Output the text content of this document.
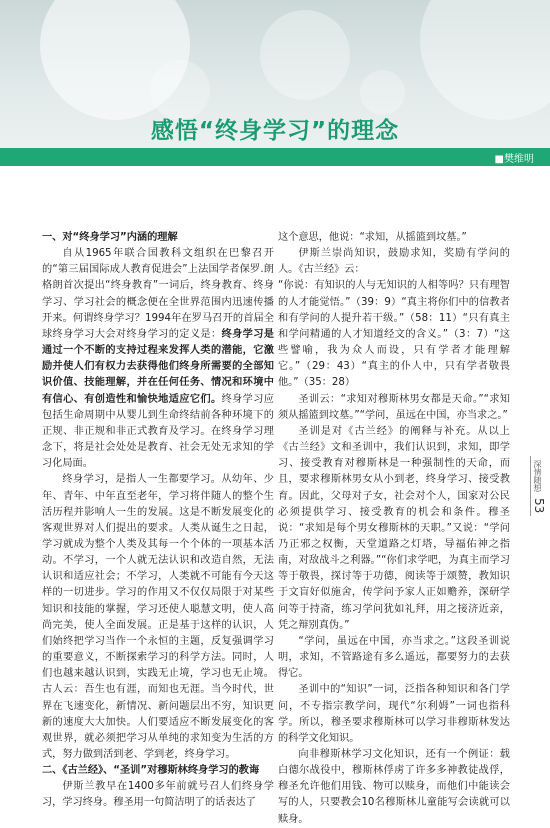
感悟“终身学习”的理念
■樊维明

一、对“终身学习”内涵的理解

自从1965年联合国教科文组织在巴黎召开的“第三届国际成人教育促进会”上法国学者保罗.朗格朗首次提出“终身教育”一词后，终身教育、终身学习、学习社会的概念便在全世界范围内迅速传播开来。何谓终身学习？1994年在罗马召开的首届全球终身学习大会对终身学习的定义是：终身学习是通过一个不断的支持过程来发挥人类的潜能，它激励并使人们有权力去获得他们终身所需要的全部知识价值、技能理解，并在任何任务、情况和环境中有信心、有创造性和愉快地适应它们。终身学习应包括生命周期中从婴儿到生命终结前各种环境下的正规、非正规和非正式教育及学习。在终身学习理念下，将是社会处处是教育、社会无处无求知的学习化局面。

终身学习，是指人一生都要学习。从幼年、少年、青年、中年直至老年，学习将伴随人的整个生活历程并影响人一生的发展。这是不断发展变化的客观世界对人们提出的要求。人类从诞生之日起，学习就成为整个人类及其每一个个体的一项基本活动。不学习，一个人就无法认识和改造自然，无法认识和适应社会；不学习，人类就不可能有今天这样的一切进步。学习的作用又不仅仅局限于对某些知识和技能的掌握，学习还使人聪慧文明，使人高尚完美，使人全面发展。正是基于这样的认识，人们始终把学习当作一个永恒的主题，反复强调学习的重要意义，不断探索学习的科学方法。同时，人们也越来越认识到，实践无止境，学习也无止境。古人云：吾生也有涯，而知也无涯。当今时代，世界在飞速变化，新情况、新问题层出不穷，知识更新的速度大大加快。人们要适应不断发展变化的客观世界，就必须把学习从单纯的求知变为生活的方式，努力做到活到老、学到老，终身学习。

二、《古兰经》、“圣训”对穆斯林终身学习的教诲

伊斯兰教早在1400多年前就号召人们终身学习，学习终身。穆圣用一句简洁明了的话表达了

这个意思，他说：“求知，从摇篮到坟墓。”

伊斯兰崇尚知识，鼓励求知，奖励有学问的人。《古兰经》云：

“你说：有知识的人与无知识的人相等吗？只有理智的人才能觉悟。”（39：9）“真主将你们中的信教者和有学问的人提升若干级。”（58：11）“只有真主和学问精通的人才知道经文的含义。”（3：7）“这些譬喻，我为众人而设，只有学者才能理解它。”（29：43）“真主的仆人中，只有学者敬畏他。”（35：28）

圣训云：“求知对穆斯林男女都是天命。”“求知须从摇篮到坟墓。”“学问，虽远在中国，亦当求之。”

圣训是对《古兰经》的阐释与补充。从以上《古兰经》文和圣训中，我们认识到，求知，即学习、接受教育对穆斯林是一种强制性的天命，而且，要求穆斯林男女从小到老，终身学习、接受教育。因此，父母对子女，社会对个人，国家对公民必须提供学习、接受教育的机会和条件。穆圣说：“求知是每个男女穆斯林的天职。”又说：“学问乃正邪之权衡，天堂道路之灯塔，导福佑神之指南，对敌战斗之利器。”“你们求学吧，为真主而学习等于敬畏，探讨等于功德，阅读等于颂赞，教知识于文盲好似施舍，传学问予家人正如赡养，深研学问等于持斋，练习学问犹如礼拜，用之接济近亲，凭之辩别真伪。”

“学问，虽远在中国，亦当求之。”这段圣训说明，求知，不管路途有多么遥远，都要努力的去获得它。

圣训中的“知识”一词，泛指各种知识和各门学问，不专指宗教学问，现代“尔利姆”一词也指科学。所以，穆圣要求穆斯林可以学习非穆斯林发达的科学文化知识。

向非穆斯林学习文化知识，还有一个例证：载白德尔战役中，穆斯林俘虏了许多多神教徒战俘，穆圣允许他们用钱、物可以赎身，而他们中能读会写的人，只要教会10名穆斯林儿童能写会读就可以赎身。

深情随想
53
